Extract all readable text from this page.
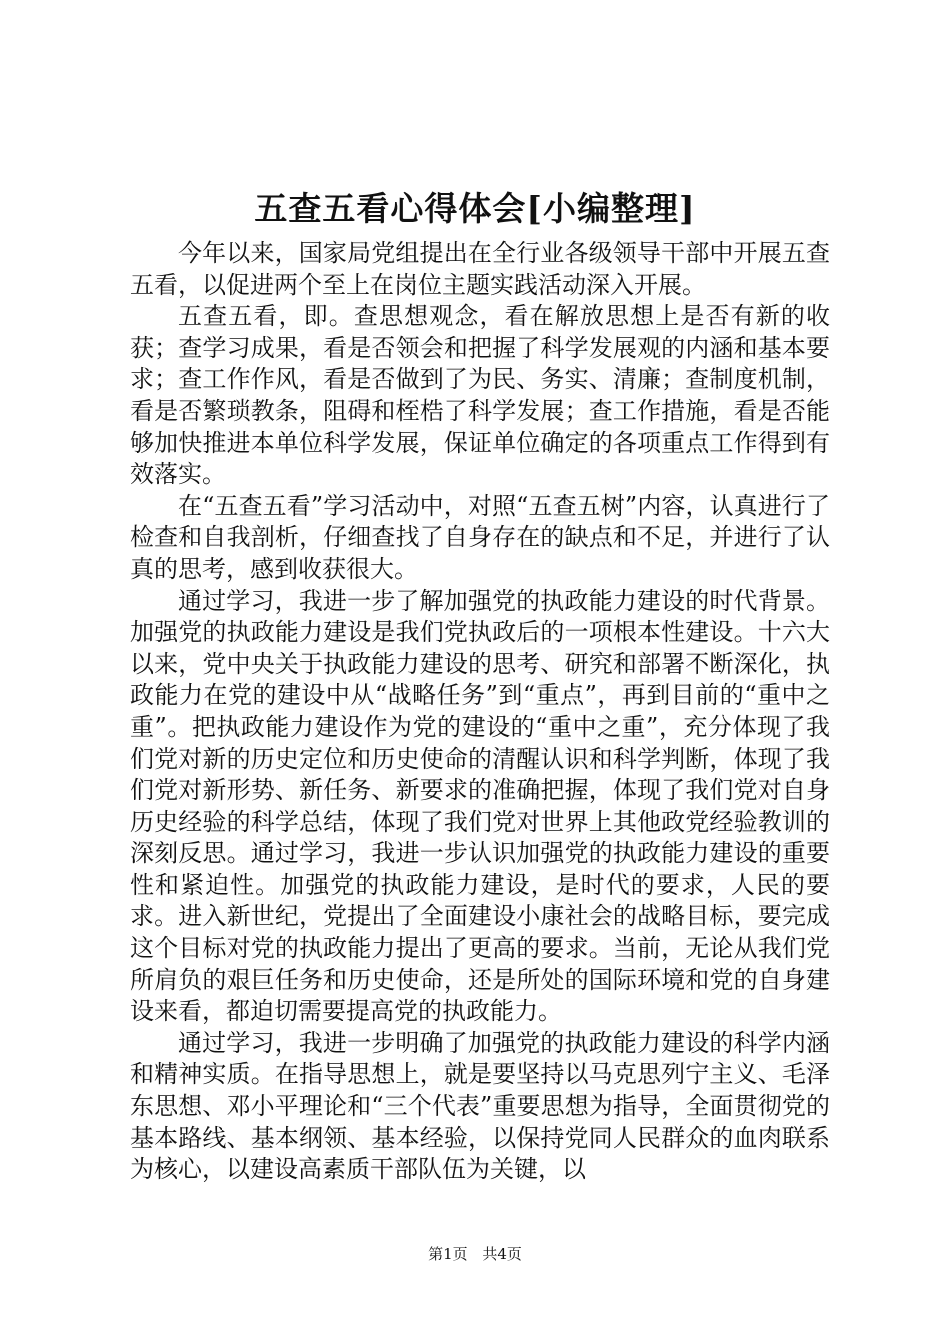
五查五看心得体会[小编整理]

今年以来，国家局党组提出在全行业各级领导干部中开展五查五看，以促进两个至上在岗位主题实践活动深入开展。

五查五看，即。查思想观念，看在解放思想上是否有新的收获；查学习成果，看是否领会和把握了科学发展观的内涵和基本要求；查工作作风，看是否做到了为民、务实、清廉；查制度机制，看是否繁琐教条，阻碍和桎梏了科学发展；查工作措施，看是否能够加快推进本单位科学发展，保证单位确定的各项重点工作得到有效落实。

在“五查五看”学习活动中，对照“五查五树”内容，认真进行了检查和自我剖析，仔细查找了自身存在的缺点和不足，并进行了认真的思考，感到收获很大。

通过学习，我进一步了解加强党的执政能力建设的时代背景。加强党的执政能力建设是我们党执政后的一项根本性建设。十六大以来，党中央关于执政能力建设的思考、研究和部署不断深化，执政能力在党的建设中从“战略任务”到“重点”，再到目前的“重中之重”。把执政能力建设作为党的建设的“重中之重”，充分体现了我们党对新的历史定位和历史使命的清醒认识和科学判断，体现了我们党对新形势、新任务、新要求的准确把握，体现了我们党对自身历史经验的科学总结，体现了我们党对世界上其他政党经验教训的深刻反思。通过学习，我进一步认识加强党的执政能力建设的重要性和紧迫性。加强党的执政能力建设，是时代的要求，人民的要求。进入新世纪，党提出了全面建设小康社会的战略目标，要完成这个目标对党的执政能力提出了更高的要求。当前，无论从我们党所肩负的艰巨任务和历史使命，还是所处的国际环境和党的自身建设来看，都迫切需要提高党的执政能力。

通过学习，我进一步明确了加强党的执政能力建设的科学内涵和精神实质。在指导思想上，就是要坚持以马克思列宁主义、毛泽东思想、邓小平理论和“三个代表”重要思想为指导，全面贯彻党的基本路线、基本纲领、基本经验，以保持党同人民群众的血肉联系为核心，以建设高素质干部队伍为关键，以

第1页 共4页
